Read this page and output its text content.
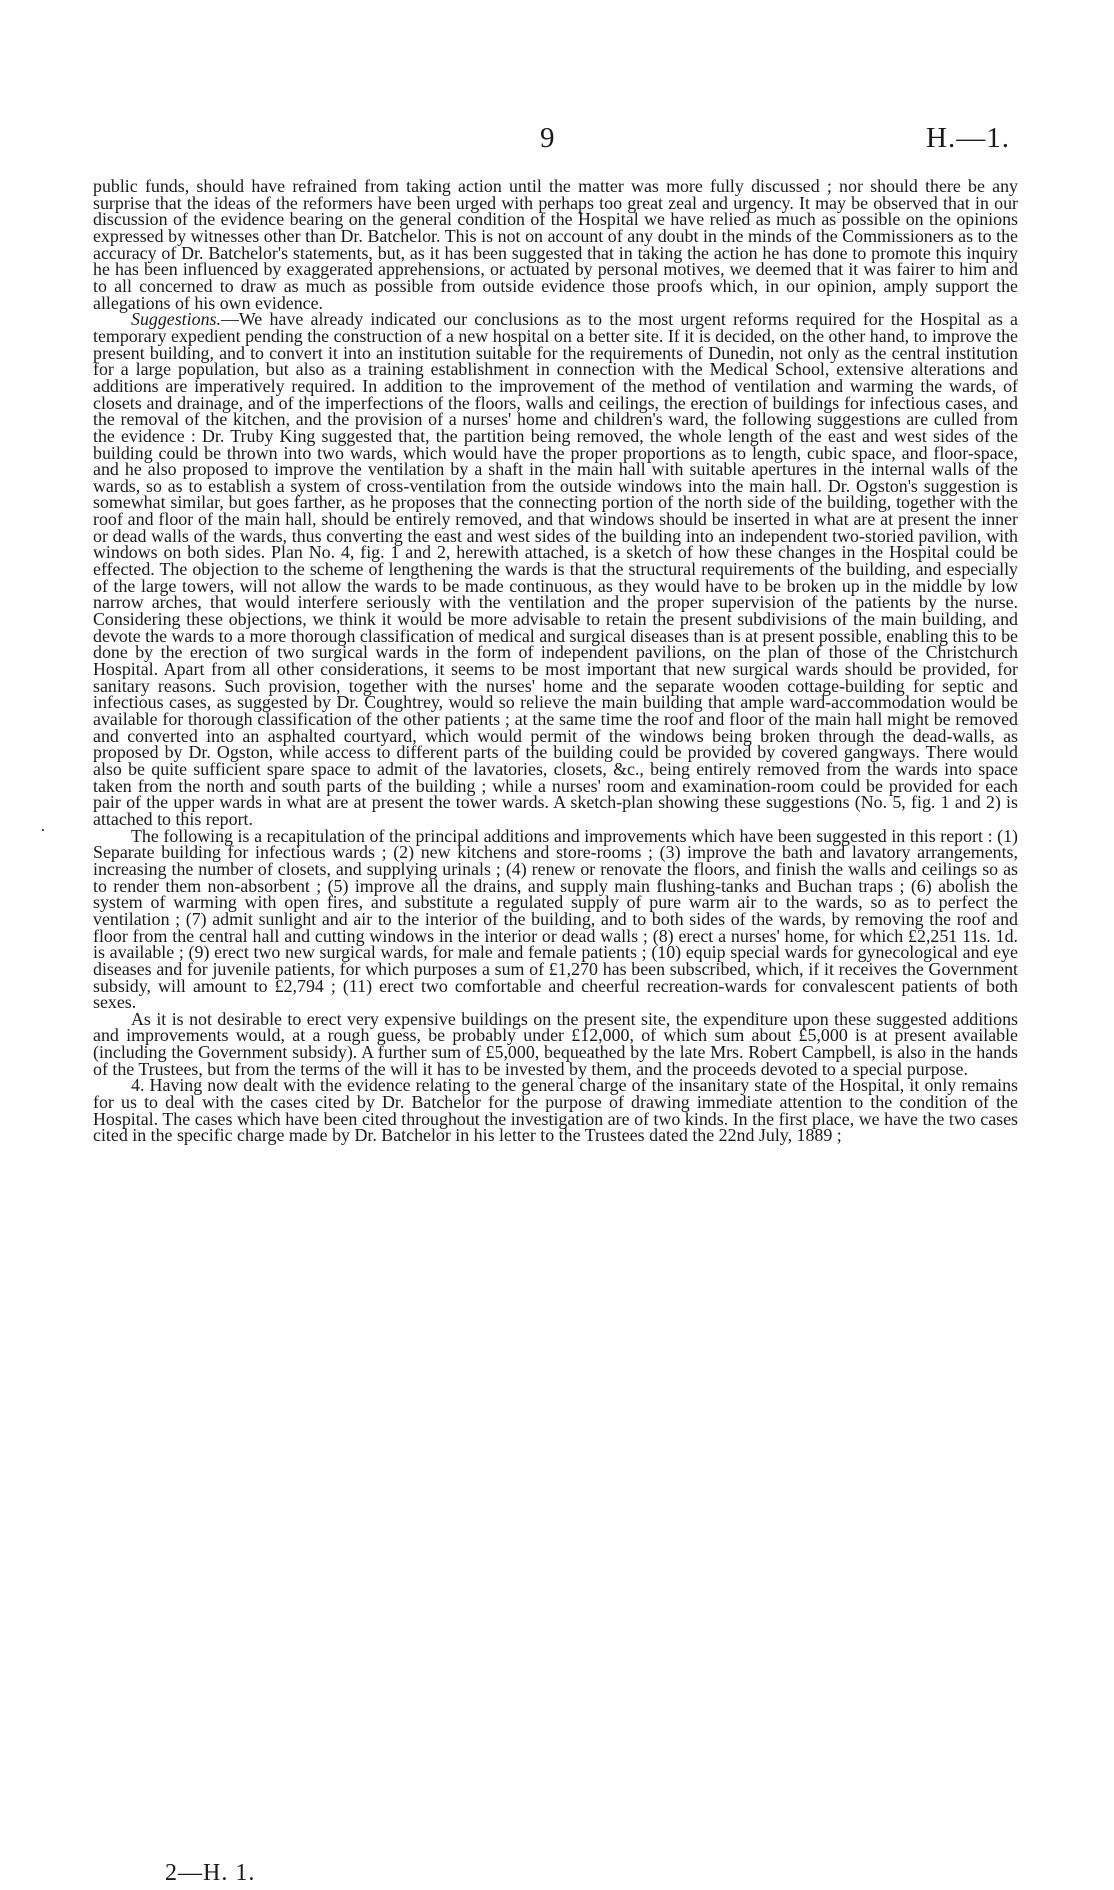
9	H.—1.

public funds, should have refrained from taking action until the matter was more fully discussed ; nor should there be any surprise that the ideas of the reformers have been urged with perhaps too great zeal and urgency. It may be observed that in our discussion of the evidence bearing on the general condition of the Hospital we have relied as much as possible on the opinions expressed by witnesses other than Dr. Batchelor. This is not on account of any doubt in the minds of the Commissioners as to the accuracy of Dr. Batchelor's statements, but, as it has been suggested that in taking the action he has done to promote this inquiry he has been influenced by exaggerated apprehensions, or actuated by personal motives, we deemed that it was fairer to him and to all concerned to draw as much as possible from outside evidence those proofs which, in our opinion, amply support the allegations of his own evidence.

Suggestions.—We have already indicated our conclusions as to the most urgent reforms required for the Hospital as a temporary expedient pending the construction of a new hospital on a better site. If it is decided, on the other hand, to improve the present building, and to convert it into an institution suitable for the requirements of Dunedin, not only as the central institution for a large population, but also as a training establishment in connection with the Medical School, extensive alterations and additions are imperatively required. In addition to the improvement of the method of ventilation and warming the wards, of closets and drainage, and of the imperfections of the floors, walls and ceilings, the erection of buildings for infectious cases, and the removal of the kitchen, and the provision of a nurses' home and children's ward, the following suggestions are culled from the evidence : Dr. Truby King suggested that, the partition being removed, the whole length of the east and west sides of the building could be thrown into two wards, which would have the proper proportions as to length, cubic space, and floor-space, and he also proposed to improve the ventilation by a shaft in the main hall with suitable apertures in the internal walls of the wards, so as to establish a system of cross-ventilation from the outside windows into the main hall. Dr. Ogston's suggestion is somewhat similar, but goes farther, as he proposes that the connecting portion of the north side of the building, together with the roof and floor of the main hall, should be entirely removed, and that windows should be inserted in what are at present the inner or dead walls of the wards, thus converting the east and west sides of the building into an independent two-storied pavilion, with windows on both sides. Plan No. 4, fig. 1 and 2, herewith attached, is a sketch of how these changes in the Hospital could be effected. The objection to the scheme of lengthening the wards is that the structural requirements of the building, and especially of the large towers, will not allow the wards to be made continuous, as they would have to be broken up in the middle by low narrow arches, that would interfere seriously with the ventilation and the proper supervision of the patients by the nurse. Considering these objections, we think it would be more advisable to retain the present subdivisions of the main building, and devote the wards to a more thorough classification of medical and surgical diseases than is at present possible, enabling this to be done by the erection of two surgical wards in the form of independent pavilions, on the plan of those of the Christchurch Hospital. Apart from all other considerations, it seems to be most important that new surgical wards should be provided, for sanitary reasons. Such provision, together with the nurses' home and the separate wooden cottage-building for septic and infectious cases, as suggested by Dr. Coughtrey, would so relieve the main building that ample ward-accommodation would be available for thorough classification of the other patients ; at the same time the roof and floor of the main hall might be removed and converted into an asphalted courtyard, which would permit of the windows being broken through the dead-walls, as proposed by Dr. Ogston, while access to different parts of the building could be provided by covered gangways. There would also be quite sufficient spare space to admit of the lavatories, closets, &c., being entirely removed from the wards into space taken from the north and south parts of the building ; while a nurses' room and examination-room could be provided for each pair of the upper wards in what are at present the tower wards. A sketch-plan showing these suggestions (No. 5, fig. 1 and 2) is attached to this report.

The following is a recapitulation of the principal additions and improvements which have been suggested in this report : (1) Separate building for infectious wards ; (2) new kitchens and store-rooms ; (3) improve the bath and lavatory arrangements, increasing the number of closets, and supplying urinals ; (4) renew or renovate the floors, and finish the walls and ceilings so as to render them non-absorbent ; (5) improve all the drains, and supply main flushing-tanks and Buchan traps ; (6) abolish the system of warming with open fires, and substitute a regulated supply of pure warm air to the wards, so as to perfect the ventilation ; (7) admit sunlight and air to the interior of the building, and to both sides of the wards, by removing the roof and floor from the central hall and cutting windows in the interior or dead walls ; (8) erect a nurses' home, for which £2,251 11s. 1d. is available ; (9) erect two new surgical wards, for male and female patients ; (10) equip special wards for gynecological and eye diseases and for juvenile patients, for which purposes a sum of £1,270 has been subscribed, which, if it receives the Government subsidy, will amount to £2,794 ; (11) erect two comfortable and cheerful recreation-wards for convalescent patients of both sexes.

As it is not desirable to erect very expensive buildings on the present site, the expenditure upon these suggested additions and improvements would, at a rough guess, be probably under £12,000, of which sum about £5,000 is at present available (including the Government subsidy). A further sum of £5,000, bequeathed by the late Mrs. Robert Campbell, is also in the hands of the Trustees, but from the terms of the will it has to be invested by them, and the proceeds devoted to a special purpose.

4. Having now dealt with the evidence relating to the general charge of the insanitary state of the Hospital, it only remains for us to deal with the cases cited by Dr. Batchelor for the purpose of drawing immediate attention to the condition of the Hospital. The cases which have been cited throughout the investigation are of two kinds. In the first place, we have the two cases cited in the specific charge made by Dr. Batchelor in his letter to the Trustees dated the 22nd July, 1889 ;

2—H. 1.
